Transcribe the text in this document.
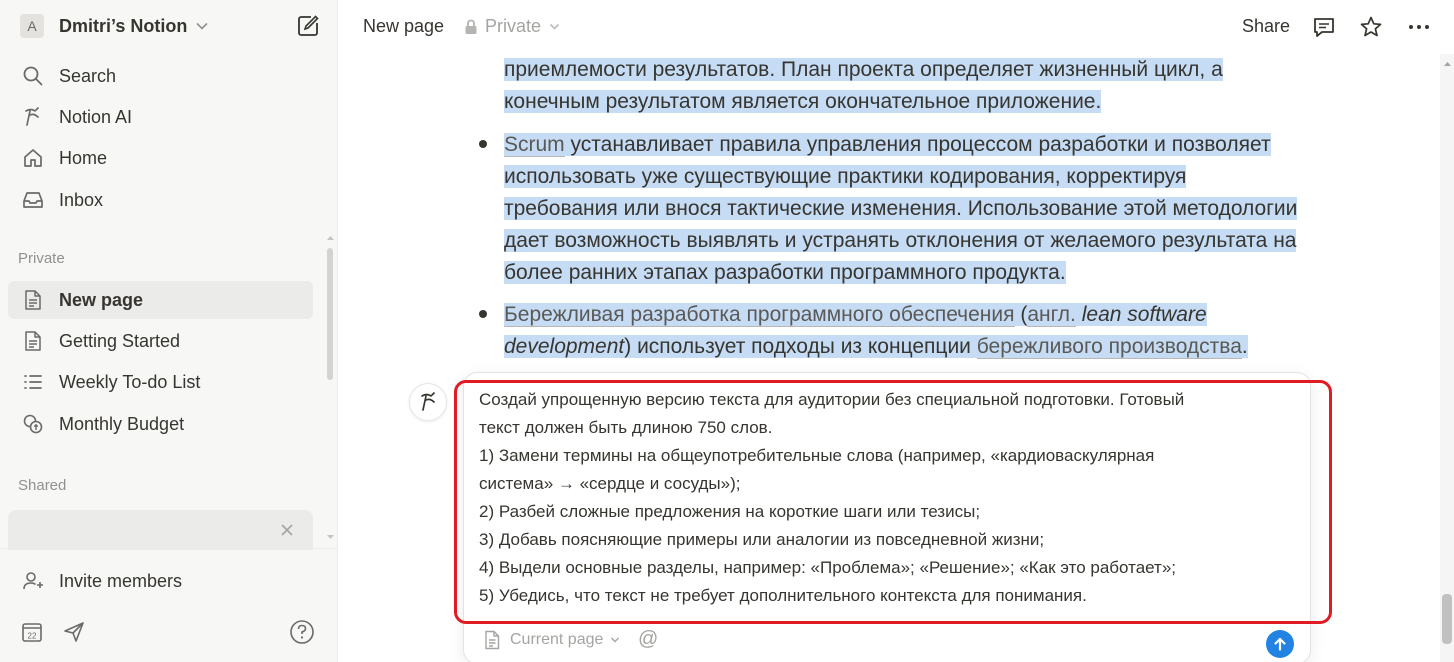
A	Dmitri’s Notion
Search
Notion AI
Home
Inbox
Private
New page
Getting Started
Weekly To-do List
Monthly Budget
Shared
Invite members
22
приемлемости результатов. План проекта определяет жизненный цикл, а
конечным результатом является окончательное приложение.
Scrum устанавливает правила управления процессом разработки и позволяет
использовать уже существующие практики кодирования, корректируя
требования или внося тактические изменения. Использование этой методологии
дает возможность выявлять и устранять отклонения от желаемого результата на
более ранних этапах разработки программного продукта.
Бережливая разработка программного обеспечения (англ. lean software
development) использует подходы из концепции бережливого производства.
New page Private	Share
Создай упрощенную версию текста для аудитории без специальной подготовки. Готовый
текст должен быть длиною 750 слов.
1) Замени термины на общеупотребительные слова (например, «кардиоваскулярная
система» → «сердце и сосуды»);
2) Разбей сложные предложения на короткие шаги или тезисы;
3) Добавь поясняющие примеры или аналогии из повседневной жизни;
4) Выдели основные разделы, например: «Проблема»; «Решение»; «Как это работает»;
5) Убедись, что текст не требует дополнительного контекста для понимания.
Current page @
